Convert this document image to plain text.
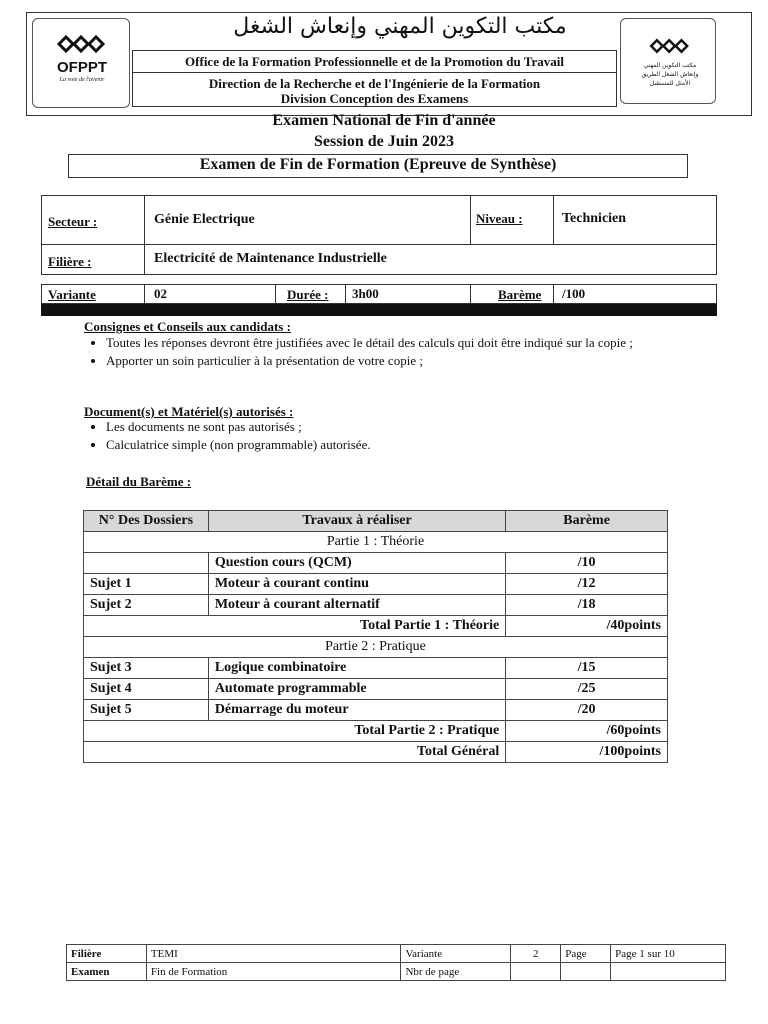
OFPPT
La voie de l'avenir
مكتب التكوين المهني وإنعاش الشغل الطريق الأمثل للمستقبل
مكتب التكوين المهني وإنعاش الشغل
Office de la Formation Professionnelle et de la Promotion du Travail
Direction de la Recherche et de l'Ingénierie de la Formation
Division Conception des Examens
Examen National de Fin d'année
Session de Juin 2023
Examen de Fin de Formation (Epreuve de Synthèse)
Secteur :	Génie Electrique	Niveau :	Technicien
Filière :	Electricité de Maintenance Industrielle
Variante	02	Durée : 3h00	Barème /100
Consignes et Conseils aux candidats :
• Toutes les réponses devront être justifiées avec le détail des calculs qui doit être indiqué sur la copie ;
• Apporter un soin particulier à la présentation de votre copie ;
Document(s) et Matériel(s) autorisés :
• Les documents ne sont pas autorisés ;
• Calculatrice simple (non programmable) autorisée.
Détail du Barème :
N° Des Dossiers	Travaux à réaliser	Barème
Partie 1 : Théorie		
	Question cours (QCM)	/10
Sujet 1	Moteur à courant continu	/12
Sujet 2	Moteur à courant alternatif	/18
Total Partie 1 : Théorie		/40points
Partie 2 : Pratique		
Sujet 3	Logique combinatoire	/15
Sujet 4	Automate programmable	/25
Sujet 5	Démarrage du moteur	/20
Total Partie 2 : Pratique		/60points
Total Général		/100points
Filière	TEMI	Variante	2	Page	Page 1 sur 10
Examen	Fin de Formation	Nbr de page			
